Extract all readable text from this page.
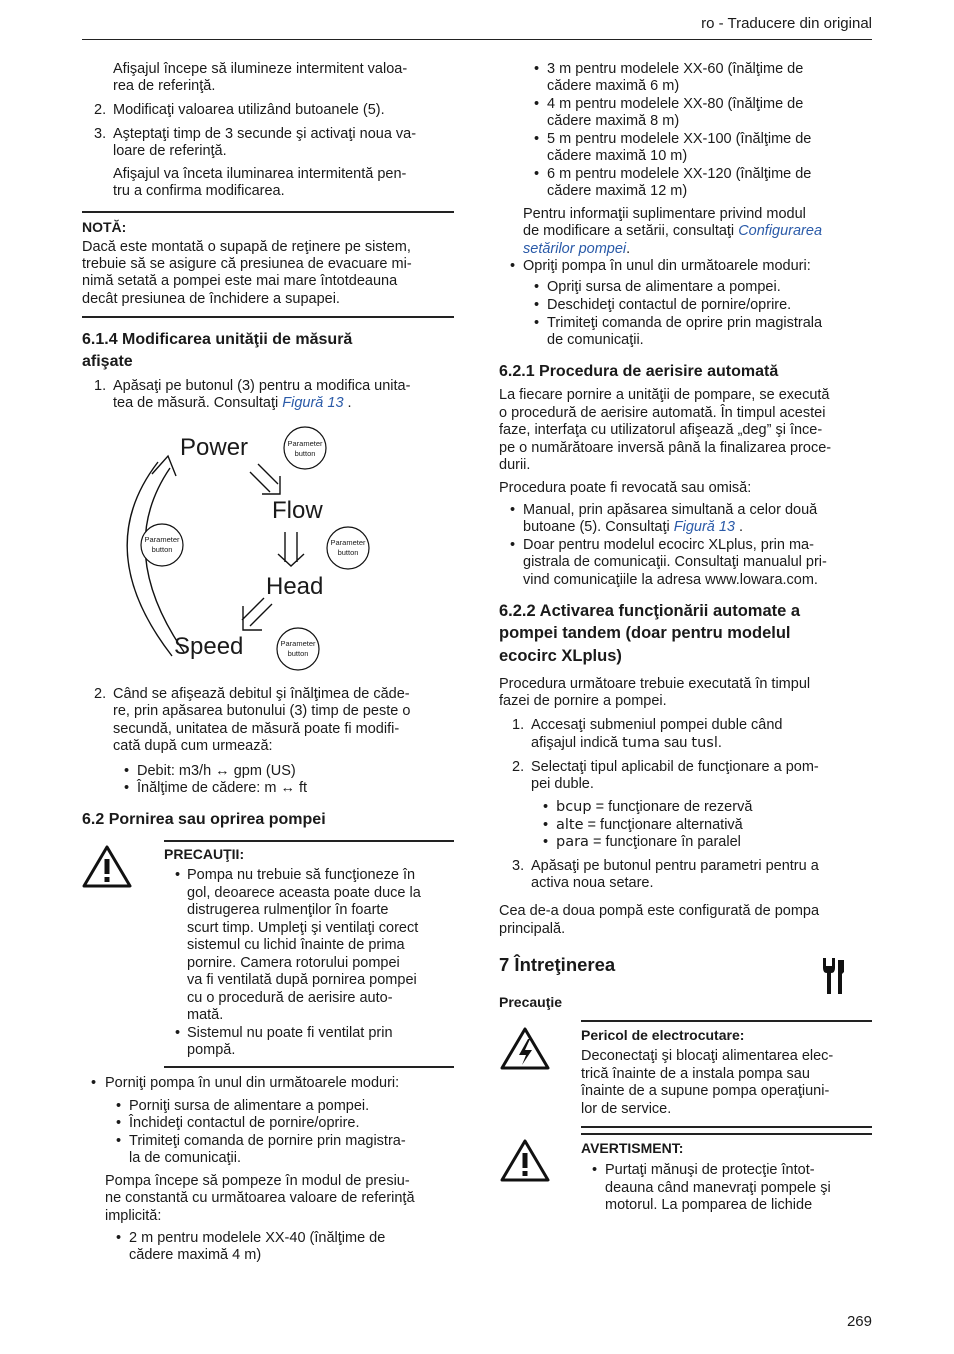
ro - Traducere din original

Afişajul începe să ilumineze intermitent valoa-

rea de referinţă.

2. Modificaţi valoarea utilizând butoanele (5).

3. Aşteptaţi timp de 3 secunde şi activaţi noua va-

loare de referinţă.

Afişajul va înceta iluminarea intermitentă pen-

tru a confirma modificarea.

NOTĂ:

Dacă este montată o supapă de reţinere pe sistem,

trebuie să se asigure că presiunea de evacuare mi-

nimă setată a pompei este mai mare întotdeauna

decât presiunea de închidere a supapei.

6.1.4 Modificarea unităţii de măsură

afişate

1. Apăsaţi pe butonul (3) pentru a modifica unita-

tea de măsură. Consultaţi Figură 13 .

Power
Flow
Head
Speed
Parameter
button
Parameter
button
Parameter
button
Parameter
button
2. Când se afişează debitul şi înălţimea de căde-

re, prin apăsarea butonului (3) timp de peste o

secundă, unitatea de măsură poate fi modifi-

cată după cum urmează:

• Debit: m3/h ↔ gpm (US)

• Înălţime de cădere: m ↔ ft

6.2 Pornirea sau oprirea pompei

PRECAUŢII:

• Pompa nu trebuie să funcţioneze în

gol, deoarece aceasta poate duce la

distrugerea rulmenţilor în foarte

scurt timp. Umpleţi şi ventilaţi corect

sistemul cu lichid înainte de prima

pornire. Camera rotorului pompei

va fi ventilată după pornirea pompei

cu o procedură de aerisire auto-

mată.

• Sistemul nu poate fi ventilat prin

pompă.

• Porniţi pompa în unul din următoarele moduri:

• Porniţi sursa de alimentare a pompei.

• Închideţi contactul de pornire/oprire.

• Trimiteţi comanda de pornire prin magistra-

la de comunicaţii.

Pompa începe să pompeze în modul de presiu-

ne constantă cu următoarea valoare de referinţă

implicită:

• 2 m pentru modelele XX-40 (înălţime de

cădere maximă 4 m)

• 3 m pentru modelele XX-60 (înălţime de

cădere maximă 6 m)

• 4 m pentru modelele XX-80 (înălţime de

cădere maximă 8 m)

• 5 m pentru modelele XX-100 (înălţime de

cădere maximă 10 m)

• 6 m pentru modelele XX-120 (înălţime de

cădere maximă 12 m)

Pentru informaţii suplimentare privind modul

de modificare a setării, consultaţi Configurarea

setărilor pompei.

• Opriţi pompa în unul din următoarele moduri:

• Opriţi sursa de alimentare a pompei.

• Deschideţi contactul de pornire/oprire.

• Trimiteţi comanda de oprire prin magistrala

de comunicaţii.

6.2.1 Procedura de aerisire automată

La fiecare pornire a unităţii de pompare, se execută

o procedură de aerisire automată. În timpul acestei

faze, interfaţa cu utilizatorul afişează „deg” şi înce-

pe o numărătoare inversă până la finalizarea proce-

durii.

Procedura poate fi revocată sau omisă:

• Manual, prin apăsarea simultană a celor două

butoane (5). Consultaţi Figură 13 .

• Doar pentru modelul ecocirc XLplus, prin ma-

gistrala de comunicaţii. Consultaţi manualul pri-

vind comunicaţiile la adresa www.lowara.com.

6.2.2 Activarea funcţionării automate a

pompei tandem (doar pentru modelul

ecocirc XLplus)

Procedura următoare trebuie executată în timpul

fazei de pornire a pompei.

1. Accesaţi submeniul pompei duble când

afişajul indică tuma sau tusl.

2. Selectaţi tipul aplicabil de funcţionare a pom-

pei duble.

• bcup = funcţionare de rezervă

• alte = funcţionare alternativă

• para = funcţionare în paralel

3. Apăsaţi pe butonul pentru parametri pentru a

activa noua setare.

Cea de-a doua pompă este configurată de pompa

principală.

7 Întreţinerea

Precauţie

Pericol de electrocutare:

Deconectaţi şi blocaţi alimentarea elec-

trică înainte de a instala pompa sau

înainte de a supune pompa operaţiuni-

lor de service.

AVERTISMENT:

• Purtaţi mănuşi de protecţie întot-

deauna când manevraţi pompele şi

motorul. La pomparea de lichide

269
